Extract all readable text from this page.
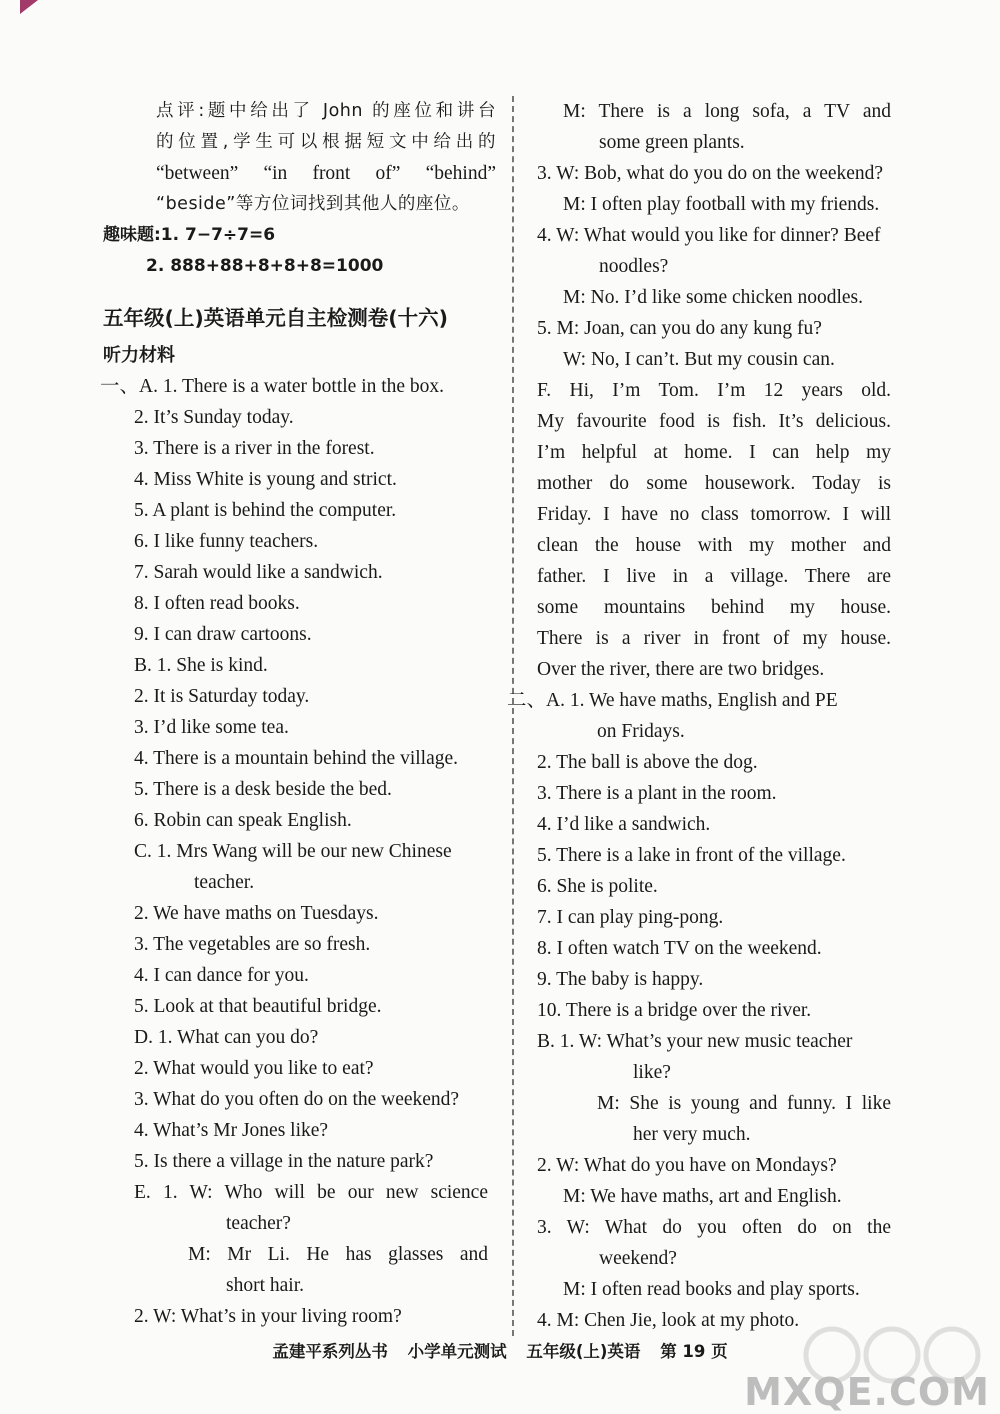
点评:题中给出了 John 的座位和讲台
的位置,学生可以根据短文中给出的
“between” “in front of” “behind”
“beside”等方位词找到其他人的座位。
趣味题:1. 7−7÷7=6
2. 888+88+8+8+8=1000
五年级(上)英语单元自主检测卷(十六)
听力材料
一、A. 1. There is a water bottle in the box.
2. It’s Sunday today.
3. There is a river in the forest.
4. Miss White is young and strict.
5. A plant is behind the computer.
6. I like funny teachers.
7. Sarah would like a sandwich.
8. I often read books.
9. I can draw cartoons.
B. 1. She is kind.
2. It is Saturday today.
3. I’d like some tea.
4. There is a mountain behind the village.
5. There is a desk beside the bed.
6. Robin can speak English.
C. 1. Mrs Wang will be our new Chinese
teacher.
2. We have maths on Tuesdays.
3. The vegetables are so fresh.
4. I can dance for you.
5. Look at that beautiful bridge.
D. 1. What can you do?
2. What would you like to eat?
3. What do you often do on the weekend?
4. What’s Mr Jones like?
5. Is there a village in the nature park?
E. 1. W: Who will be our new science
teacher?
M: Mr Li. He has glasses and
short hair.
2. W: What’s in your living room?
M: There is a long sofa, a TV and
some green plants.
3. W: Bob, what do you do on the weekend?
M: I often play football with my friends.
4. W: What would you like for dinner? Beef
noodles?
M: No. I’d like some chicken noodles.
5. M: Joan, can you do any kung fu?
W: No, I can’t. But my cousin can.
F. Hi, I’m Tom. I’m 12 years old.
My favourite food is fish. It’s delicious.
I’m helpful at home. I can help my
mother do some housework. Today is
Friday. I have no class tomorrow. I will
clean the house with my mother and
father. I live in a village. There are
some mountains behind my house.
There is a river in front of my house.
Over the river, there are two bridges.
二、A. 1. We have maths, English and PE
on Fridays.
2. The ball is above the dog.
3. There is a plant in the room.
4. I’d like a sandwich.
5. There is a lake in front of the village.
6. She is polite.
7. I can play ping-pong.
8. I often watch TV on the weekend.
9. The baby is happy.
10. There is a bridge over the river.
B. 1. W: What’s your new music teacher
like?
M: She is young and funny. I like
her very much.
2. W: What do you have on Mondays?
M: We have maths, art and English.
3. W: What do you often do on the
weekend?
M: I often read books and play sports.
4. M: Chen Jie, look at my photo.
孟建平系列丛书 小学单元测试 五年级(上)英语 第 19 页
MXQE.COM
